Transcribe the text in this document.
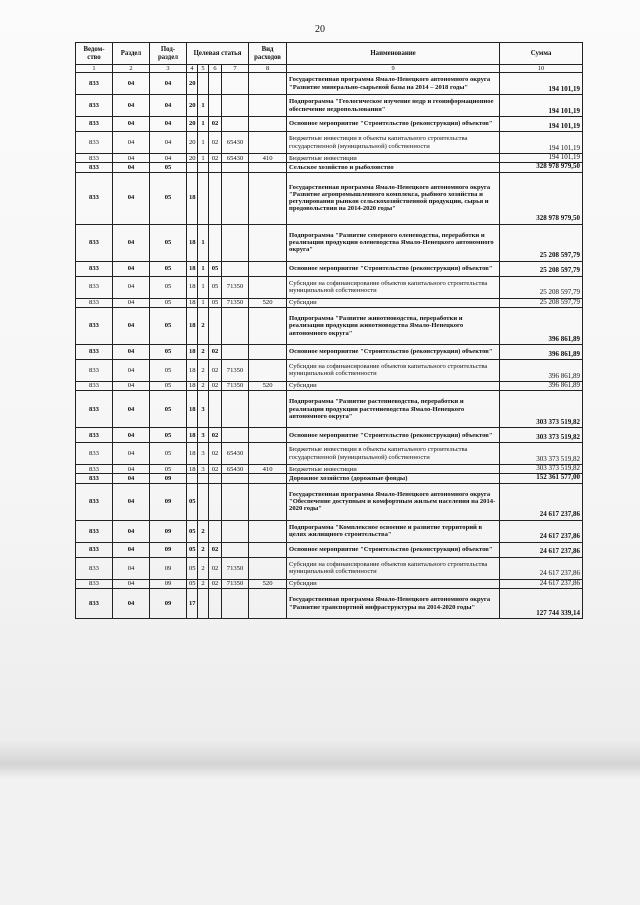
20
Ведом-ство	Раздел	Под-раздел	Целевая статья				Вид расходов	Наименование	Сумма
1	2	3	4	5	6	7	8	9	10
833	04	04	20					Государственная программа Ямало-Ненецкого автономного округа "Развитие минерально-сырьевой базы на 2014 – 2018 годы"	194 101,19
833	04	04	20	1				Подпрограмма "Геологическое изучение недр и геоинформационное обеспечение недропользования"	194 101,19
833	04	04	20	1	02			Основное мероприятие "Строительство (реконструкция) объектов"	194 101,19
833	04	04	20	1	02	65430		Бюджетные инвестиции в объекты капитального строительства государственной (муниципальной) собственности	194 101,19
833	04	04	20	1	02	65430	410	Бюджетные инвестиции	194 101,19
833	04	05						Сельское хозяйство и рыболовство	328 978 979,50
833	04	05	18					Государственная программа Ямало-Ненецкого автономного округа "Развитие агропромышленного комплекса, рыбного хозяйства и регулирования рынков сельскохозяйственной продукции, сырья и продовольствия на 2014-2020 годы"	328 978 979,50
833	04	05	18	1				Подпрограмма "Развитие северного оленеводства, переработки и реализации продукции оленеводства Ямало-Ненецкого автономного округа"	25 208 597,79
833	04	05	18	1	05			Основное мероприятие "Строительство (реконструкция) объектов"	25 208 597,79
833	04	05	18	1	05	71350		Субсидии на софинансирование объектов капитального строительства муниципальной собственности	25 208 597,79
833	04	05	18	1	05	71350	520	Субсидии	25 208 597,79
833	04	05	18	2				Подпрограмма "Развитие животноводства, переработки и реализации продукции животноводства Ямало-Ненецкого автономного округа"	396 861,89
833	04	05	18	2	02			Основное мероприятие "Строительство (реконструкция) объектов"	396 861,89
833	04	05	18	2	02	71350		Субсидии на софинансирование объектов капитального строительства муниципальной собственности	396 861,89
833	04	05	18	2	02	71350	520	Субсидии	396 861,89
833	04	05	18	3				Подпрограмма "Развитие растениеводства, переработки и реализации продукции растениеводства Ямало-Ненецкого автономного округа"	303 373 519,82
833	04	05	18	3	02			Основное мероприятие "Строительство (реконструкция) объектов"	303 373 519,82
833	04	05	18	3	02	65430		Бюджетные инвестиции в объекты капитального строительства государственной (муниципальной) собственности	303 373 519,82
833	04	05	18	3	02	65430	410	Бюджетные инвестиции	303 373 519,82
833	04	09						Дорожное хозяйство (дорожные фонды)	152 361 577,00
833	04	09	05					Государственная программа Ямало-Ненецкого автономного округа "Обеспечение доступным и комфортным жильем населения на 2014-2020 годы"	24 617 237,86
833	04	09	05	2				Подпрограмма "Комплексное освоение и развитие территорий в целях жилищного строительства"	24 617 237,86
833	04	09	05	2	02			Основное мероприятие "Строительство (реконструкция) объектов"	24 617 237,86
833	04	09	05	2	02	71350		Субсидии на софинансирование объектов капитального строительства муниципальной собственности	24 617 237,86
833	04	09	05	2	02	71350	520	Субсидии	24 617 237,86
833	04	09	17					Государственная программа Ямало-Ненецкого автономного округа "Развитие транспортной инфраструктуры на 2014-2020 годы"	127 744 339,14
